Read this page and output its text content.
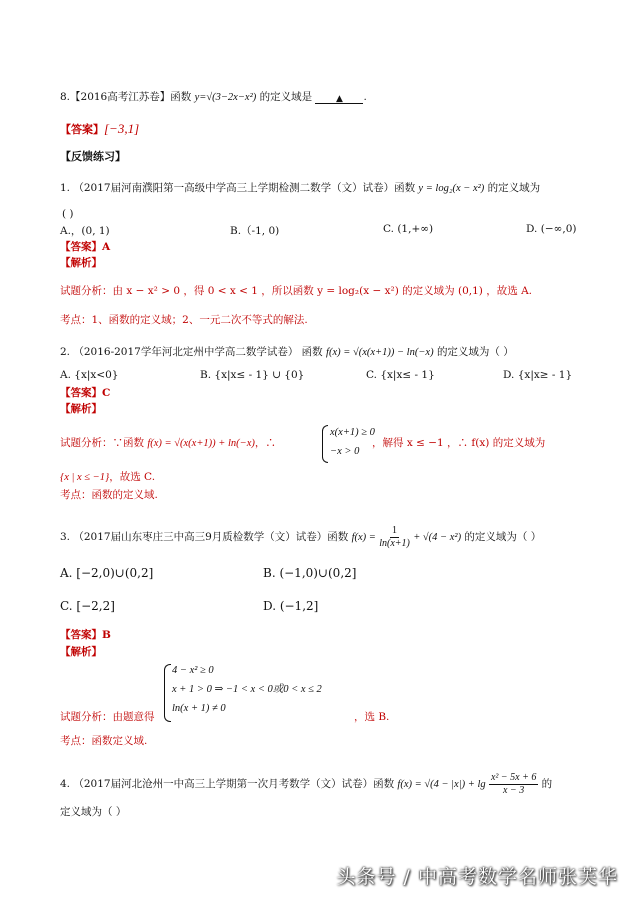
8.【2016高考江苏卷】函数 y=√(3−2x−x²) 的定义域是	▲ .
【答案】[−3,1]
【反馈练习】
1. （2017届河南濮阳第一高级中学高三上学期检测二数学（文）试卷）函数 y = log₂(x − x²) 的定义域为
( )
A.，(0, 1)	B.（-1, 0)	C. (1,+∞)	D. (−∞,0)
【答案】A
【解析】
试题分析：由 x − x² > 0 ，得 0 < x < 1 ，所以函数 y = log₂(x − x²) 的定义域为 (0,1) ，故选 A.
考点：1、函数的定义域；2、一元二次不等式的解法.
2. （2016-2017学年河北定州中学高二数学试卷） 函数 f(x) = √(x(x+1)) − ln(−x) 的定义域为（ ）
A. {x|x<0}	B. {x|x≤ - 1} ∪ {0}	C. {x|x≤ - 1}	D. {x|x≥ - 1}
【答案】C
【解析】
试题分析：∵函数 f(x) = √(x(x+1)) + ln(−x)，∴
x(x+1) ≥ 0
−x > 0
，解得 x ≤ −1 ，∴ f(x) 的定义域为
{x | x ≤ −1}，故选 C.
考点：函数的定义域.
3. （2017届山东枣庄三中高三9月质检数学（文）试卷）函数 $f(x) = \frac{1}{\ln(x+1)} + √(4 - x^2)$ 的定义域为（ ）
A. [−2,0)∪(0,2]	B. (−1,0)∪(0,2]
C. [−2,2]	D. (−1,2]
【答案】B
【解析】
4 − x² ≥ 0
x + 1 > 0 ⇒ −1 < x < 0或0 < x ≤ 2
ln(x + 1) ≠ 0
试题分析：由题意得	，选 B.
考点：函数定义域.
4. （2017届河北沧州一中高三上学期第一次月考数学（文）试卷）函数 $f(x) = √(4 - |x|) + \lg \frac{\text{x² − 5x + 6}}{x - 3}$ 的
定义域为（ ）
头条号 / 中高考数学名师张芙华
